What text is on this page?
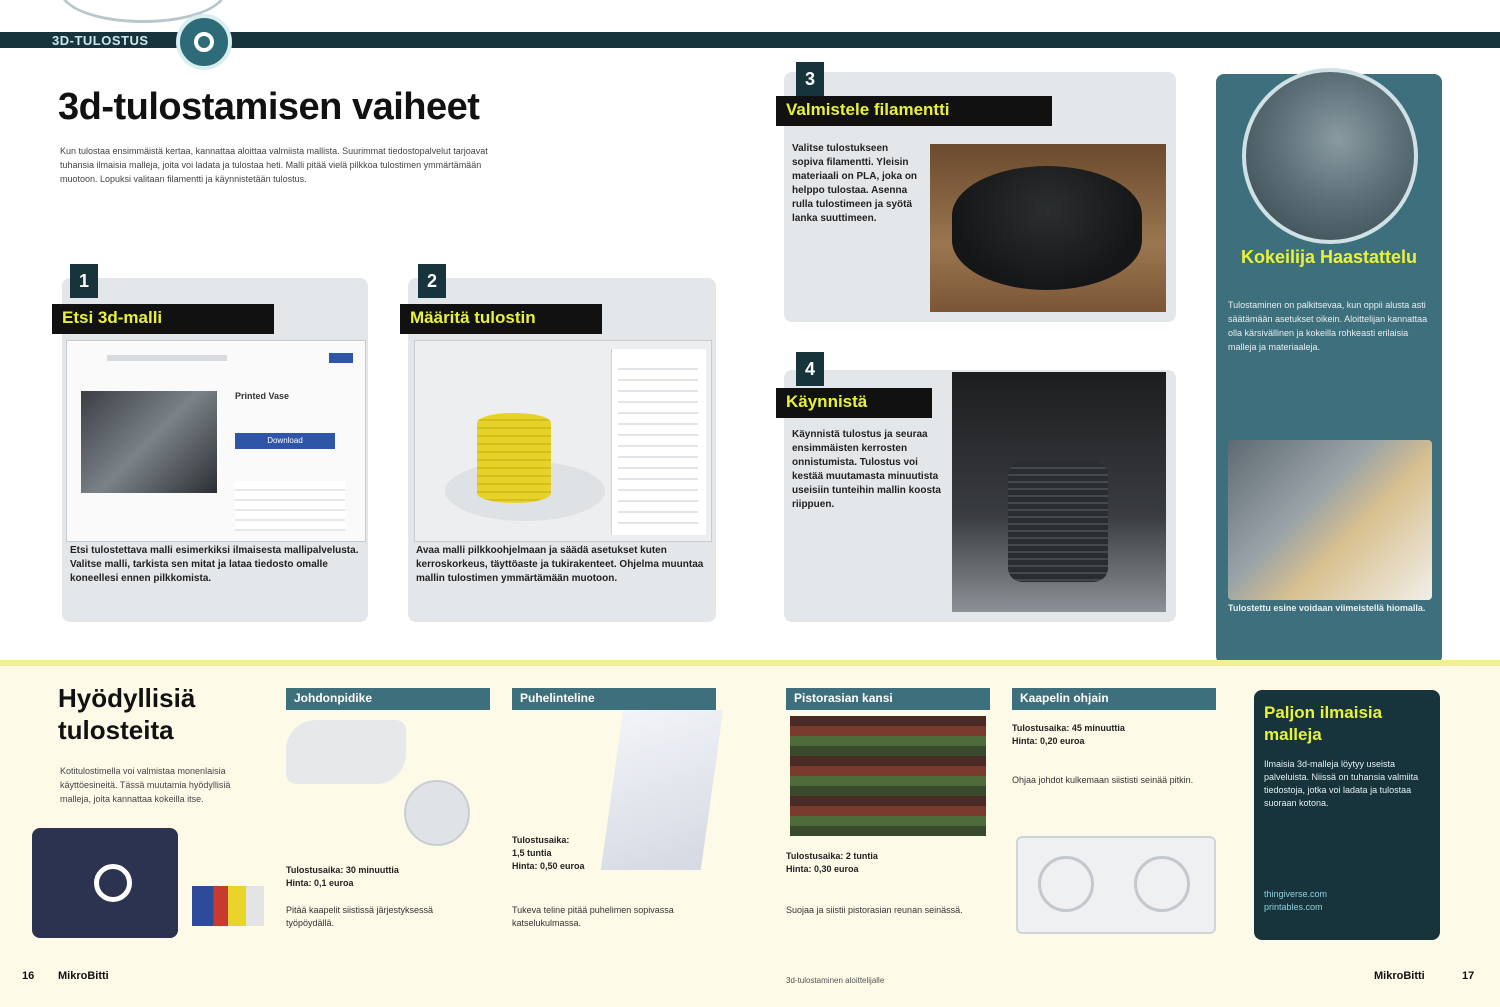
3D-TULOSTUS
3d-tulostamisen vaiheet
Kun tulostaa ensimmäistä kertaa, kannattaa aloittaa valmiista mallista. Suurimmat tiedostopalvelut tarjoavat tuhansia ilmaisia malleja, joita voi ladata ja tulostaa heti. Malli pitää vielä pilkkoa tulostimen ymmärtämään muotoon. Lopuksi valitaan filamentti ja käynnistetään tulostus.
1
Etsi 3d-malli
Printed Vase
Download
Etsi tulostettava malli esimerkiksi ilmaisesta mallipalvelusta. Valitse malli, tarkista sen mitat ja lataa tiedosto omalle koneellesi ennen pilkkomista.
2
Määritä tulostin
Avaa malli pilkkoohjelmaan ja säädä asetukset kuten kerroskorkeus, täyttöaste ja tukirakenteet. Ohjelma muuntaa mallin tulostimen ymmärtämään muotoon.
3
Valmistele filamentti
Valitse tulostukseen sopiva filamentti. Yleisin materiaali on PLA, joka on helppo tulostaa. Asenna rulla tulostimeen ja syötä lanka suuttimeen.
4
Käynnistä
Käynnistä tulostus ja seuraa ensimmäisten kerrosten onnistumista. Tulostus voi kestää muutamasta minuutista useisiin tunteihin mallin koosta riippuen.
Kokeilija Haastattelu
Tulostaminen on palkitsevaa, kun oppii alusta asti säätämään asetukset oikein. Aloittelijan kannattaa olla kärsivällinen ja kokeilla rohkeasti erilaisia malleja ja materiaaleja.
Tulostettu esine voidaan viimeistellä hiomalla.
Hyödyllisiä tulosteita
Kotitulostimella voi valmistaa monenlaisia käyttöesineitä. Tässä muutamia hyödyllisiä malleja, joita kannattaa kokeilla itse.
Johdonpidike
Tulostusaika: 30 minuuttia
Hinta: 0,1 euroa
Pitää kaapelit siistissä järjestyksessä työpöydällä.
Puhelinteline
Tulostusaika:
1,5 tuntia
Hinta: 0,50 euroa
Tukeva teline pitää puhelimen sopivassa katselukulmassa.
Pistorasian kansi
Tulostusaika: 2 tuntia
Hinta: 0,30 euroa
Suojaa ja siistii pistorasian reunan seinässä.
Kaapelin ohjain
Tulostusaika: 45 minuuttia
Hinta: 0,20 euroa
Ohjaa johdot kulkemaan siististi seinää pitkin.
Paljon ilmaisia malleja
Ilmaisia 3d-malleja löytyy useista palveluista. Niissä on tuhansia valmiita tiedostoja, jotka voi ladata ja tulostaa suoraan kotona.
thingiverse.com
printables.com
16 MikroBitti	3d-tulostaminen aloittelijalle	MikroBitti	17
